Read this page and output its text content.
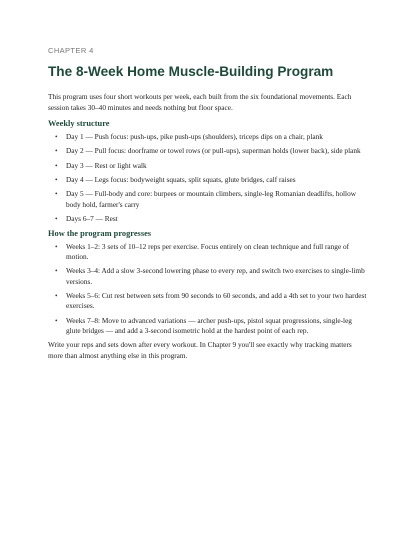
CHAPTER 4
The 8-Week Home Muscle-Building Program

This program uses four short workouts per week, each built from the six foundational movements. Each session takes 30–40 minutes and needs nothing but floor space.

Weekly structure
• Day 1 — Push focus: push-ups, pike push-ups (shoulders), triceps dips on a chair, plank
• Day 2 — Pull focus: doorframe or towel rows (or pull-ups), superman holds (lower back), side plank
• Day 3 — Rest or light walk
• Day 4 — Legs focus: bodyweight squats, split squats, glute bridges, calf raises
• Day 5 — Full-body and core: burpees or mountain climbers, single-leg Romanian deadlifts, hollow body hold, farmer's carry
• Days 6–7 — Rest
How the program progresses
• Weeks 1–2: 3 sets of 10–12 reps per exercise. Focus entirely on clean technique and full range of motion.
• Weeks 3–4: Add a slow 3-second lowering phase to every rep, and switch two exercises to single-limb versions.
• Weeks 5–6: Cut rest between sets from 90 seconds to 60 seconds, and add a 4th set to your two hardest exercises.
• Weeks 7–8: Move to advanced variations — archer push-ups, pistol squat progressions, single-leg glute bridges — and add a 3-second isometric hold at the hardest point of each rep.

Write your reps and sets down after every workout. In Chapter 9 you'll see exactly why tracking matters more than almost anything else in this program.
